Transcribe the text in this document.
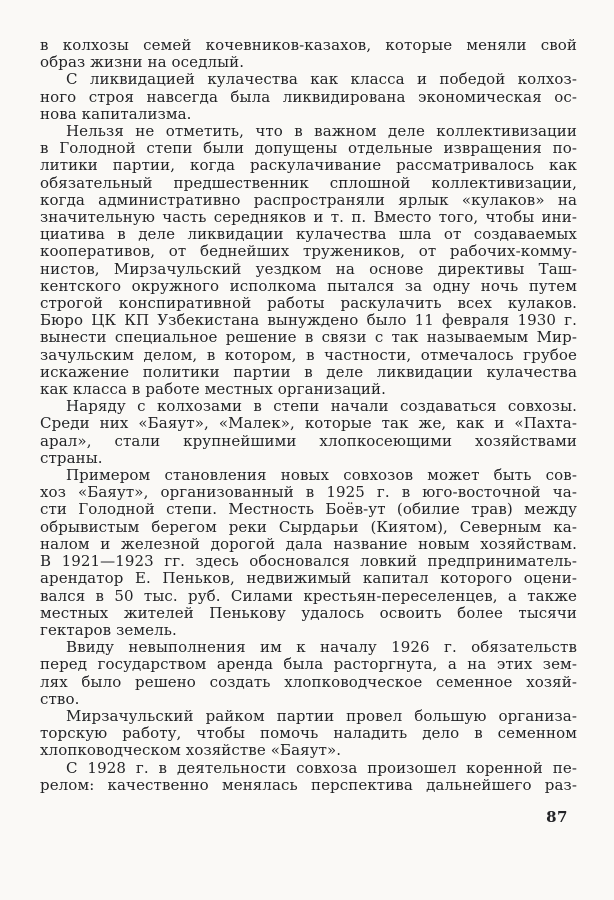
в колхозы семей кочевников-казахов, которые меняли свой
образ жизни на оседлый.

С ликвидацией кулачества как класса и победой колхоз-
ного строя навсегда была ликвидирована экономическая ос-
нова капитализма.

Нельзя не отметить, что в важном деле коллективизации
в Голодной степи были допущены отдельные извращения по-
литики партии, когда раскулачивание рассматривалось как
обязательный предшественник сплошной коллективизации,
когда административно распространяли ярлык «кулаков» на
значительную часть середняков и т. п. Вместо того, чтобы ини-
циатива в деле ликвидации кулачества шла от создаваемых
кооперативов, от беднейших тружеников, от рабочих-комму-
нистов, Мирзачульский уездком на основе директивы Таш-
кентского окружного исполкома пытался за одну ночь путем
строгой конспиративной работы раскулачить всех кулаков.
Бюро ЦК КП Узбекистана вынуждено было 11 февраля 1930 г.
вынести специальное решение в связи с так называемым Мир-
зачульским делом, в котором, в частности, отмечалось грубое
искажение политики партии в деле ликвидации кулачества
как класса в работе местных организаций.

Наряду с колхозами в степи начали создаваться совхозы.
Среди них «Баяут», «Малек», которые так же, как и «Пахта-
арал», стали крупнейшими хлопкосеющими хозяйствами
страны.

Примером становления новых совхозов может быть сов-
хоз «Баяут», организованный в 1925 г. в юго-восточной ча-
сти Голодной степи. Местность Боёв-ут (обилие трав) между
обрывистым берегом реки Сырдарьи (Киятом), Северным ка-
налом и железной дорогой дала название новым хозяйствам.
В 1921—1923 гг. здесь обосновался ловкий предприниматель-
арендатор Е. Пеньков, недвижимый капитал которого оцени-
вался в 50 тыс. руб. Силами крестьян-переселенцев, а также
местных жителей Пенькову удалось освоить более тысячи
гектаров земель.

Ввиду невыполнения им к началу 1926 г. обязательств
перед государством аренда была расторгнута, а на этих зем-
лях было решено создать хлопководческое семенное хозяй-
ство.

Мирзачульский райком партии провел большую организа-
торскую работу, чтобы помочь наладить дело в семенном
хлопководческом хозяйстве «Баяут».

С 1928 г. в деятельности совхоза произошел коренной пе-
релом: качественно менялась перспектива дальнейшего раз-

87
